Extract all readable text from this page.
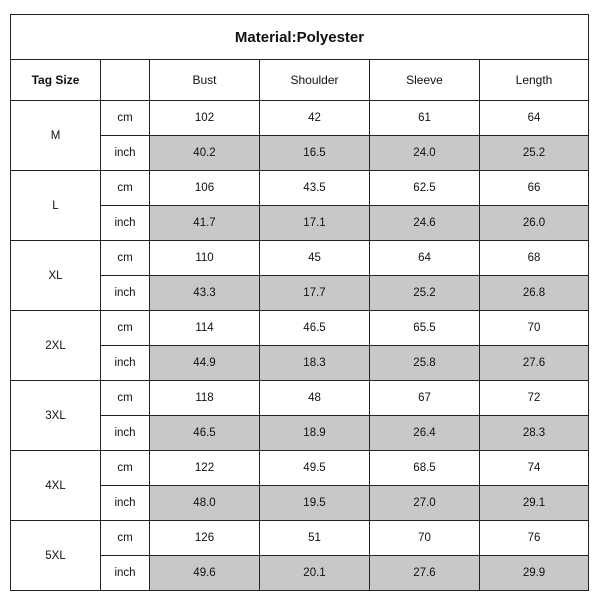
Material:Polyester					
Tag Size		Bust	Shoulder	Sleeve	Length
M	cm	102	42	61	64
	inch	40.2	16.5	24.0	25.2
L	cm	106	43.5	62.5	66
	inch	41.7	17.1	24.6	26.0
XL	cm	110	45	64	68
	inch	43.3	17.7	25.2	26.8
2XL	cm	114	46.5	65.5	70
	inch	44.9	18.3	25.8	27.6
3XL	cm	118	48	67	72
	inch	46.5	18.9	26.4	28.3
4XL	cm	122	49.5	68.5	74
	inch	48.0	19.5	27.0	29.1
5XL	cm	126	51	70	76
	inch	49.6	20.1	27.6	29.9
